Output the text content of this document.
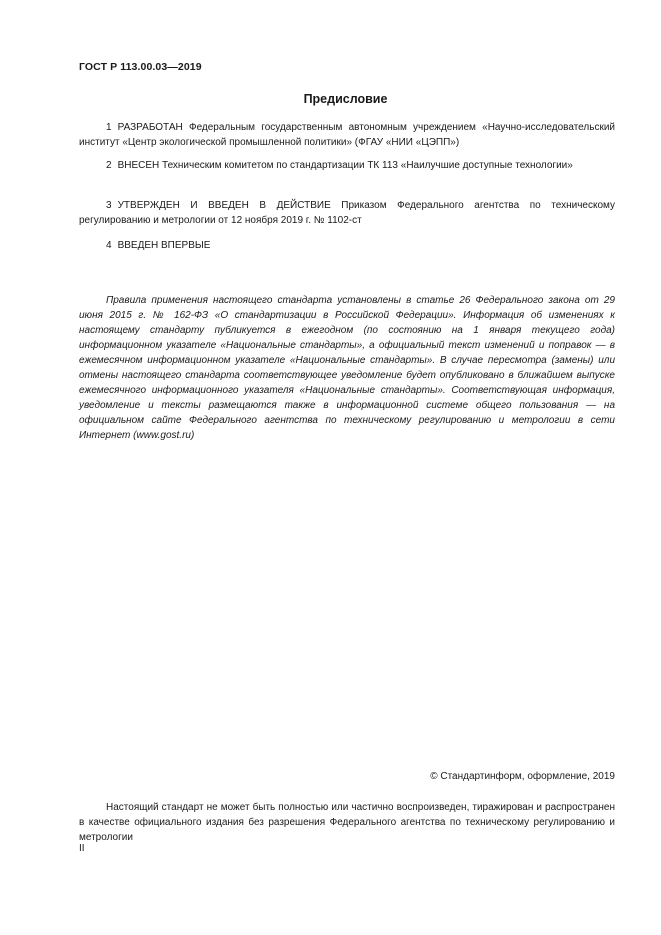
ГОСТ Р 113.00.03—2019
Предисловие
1 РАЗРАБОТАН Федеральным государственным автономным учреждением «Научно-исследовательский институт «Центр экологической промышленной политики» (ФГАУ «НИИ «ЦЭПП»)
2 ВНЕСЕН Техническим комитетом по стандартизации ТК 113 «Наилучшие доступные технологии»
3 УТВЕРЖДЕН И ВВЕДЕН В ДЕЙСТВИЕ Приказом Федерального агентства по техническому регулированию и метрологии от 12 ноября 2019 г. № 1102-ст
4 ВВЕДЕН ВПЕРВЫЕ
Правила применения настоящего стандарта установлены в статье 26 Федерального закона от 29 июня 2015 г. № 162-ФЗ «О стандартизации в Российской Федерации». Информация об изменениях к настоящему стандарту публикуется в ежегодном (по состоянию на 1 января текущего года) информационном указателе «Национальные стандарты», а официальный текст изменений и поправок — в ежемесячном информационном указателе «Национальные стандарты». В случае пересмотра (замены) или отмены настоящего стандарта соответствующее уведомление будет опубликовано в ближайшем выпуске ежемесячного информационного указателя «Национальные стандарты». Соответствующая информация, уведомление и тексты размещаются также в информационной системе общего пользования — на официальном сайте Федерального агентства по техническому регулированию и метрологии в сети Интернет (www.gost.ru)
© Стандартинформ, оформление, 2019
Настоящий стандарт не может быть полностью или частично воспроизведен, тиражирован и распространен в качестве официального издания без разрешения Федерального агентства по техническому регулированию и метрологии
II
